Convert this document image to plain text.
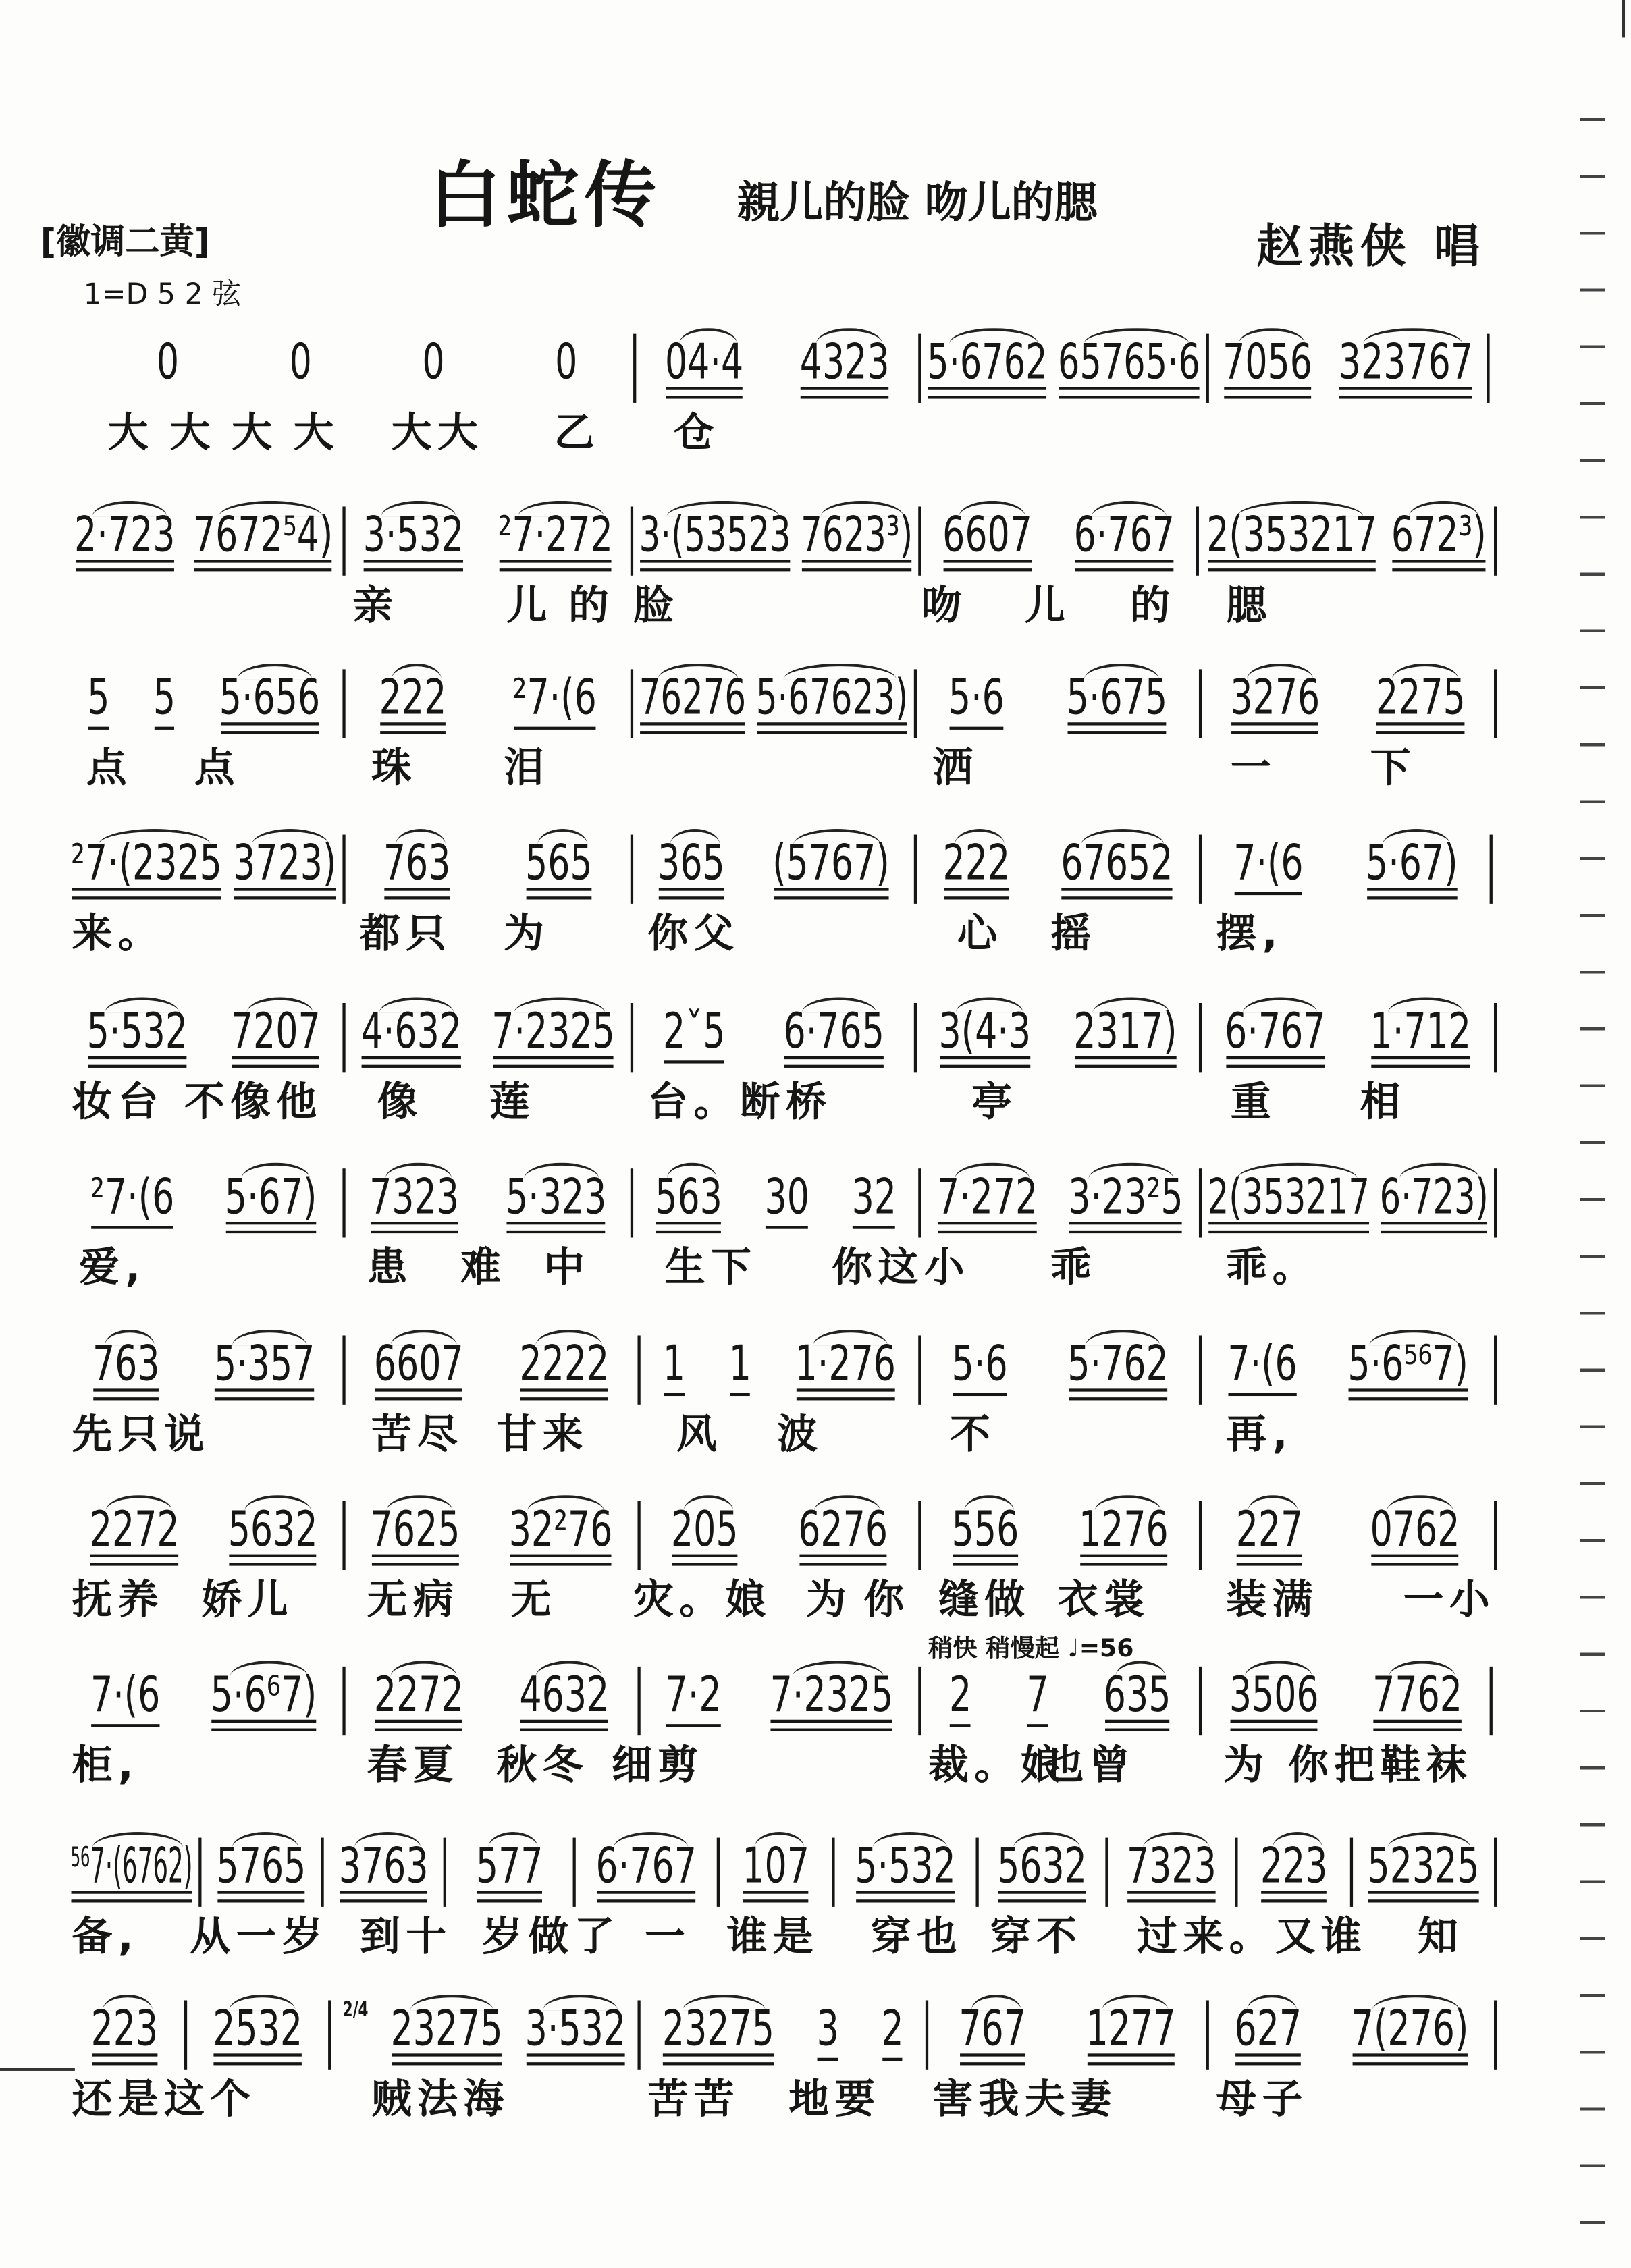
白蛇传	親儿的脸 吻儿的腮
[徽调二黄]
1=D 5 2 弦
赵燕侠 唱
稍快 稍慢起 ♩=56
0	0	0	0	04·4 4323 5·6762 65765·6 7056 323767
大 大 大 大	大大	乙	仓
2·723 7672⁵4) 3·532 ²7·272 3·(53523 7623³) 6607 6·767 2(353217 672³)
亲	儿 的 脸	吻	儿	的	腮
5 5 5·656	222	²7·(6 76276 5·67623) 5·6	5·675	3276 2275
点	点	珠	泪	洒	一	下
²7·(2325 3723) 763	565	365 (5767) 222 67652	7·(6	5·67)
来。	都只	为	你父	心	摇	摆,
5·532 7207 4·632 7·2325 2ˇ5	6·765 3(4·3 2317) 6·767 1·712
妆台 不像他	像	莲	台。断桥	亭	重	相
²7·(6 5·67) 7323 5·323 563 30 32 7·272 3·23²5 2(353217 6·723)
爱,	患	难 中	生下	你这小	乖	乖。
763 5·357	6607 2222 1 1 1·276 5·6	5·762	7·(6 5·6⁵⁶7)
先只说	苦尽 甘来	风	波	不	再,
2272 5632 7625 32²76	205	6276	556	1276	227	0762
抚养 娇儿	无病	无	灾。娘 为 你 缝做 衣裳	装满	一小
7·(6 5·6⁶7) 2272 4632 7·2 7·2325 2 7 635	3506 7762
柜,	春夏 秋冬 细剪	裁。娘
也曾	为 你把鞋袜
⁵⁶7·(6762) 5765 3763 577 6·767 107 5·532 5632 7323 223 52325
备,	从一岁 到十 岁做了 一 谁是	穿也 穿不	过来。又谁	知
223 2532	2/4 23275 3·532 23275 3 2 767	1277	627 7(276)
还是这个	贼法海	苦苦	地要	害我夫妻	母子
